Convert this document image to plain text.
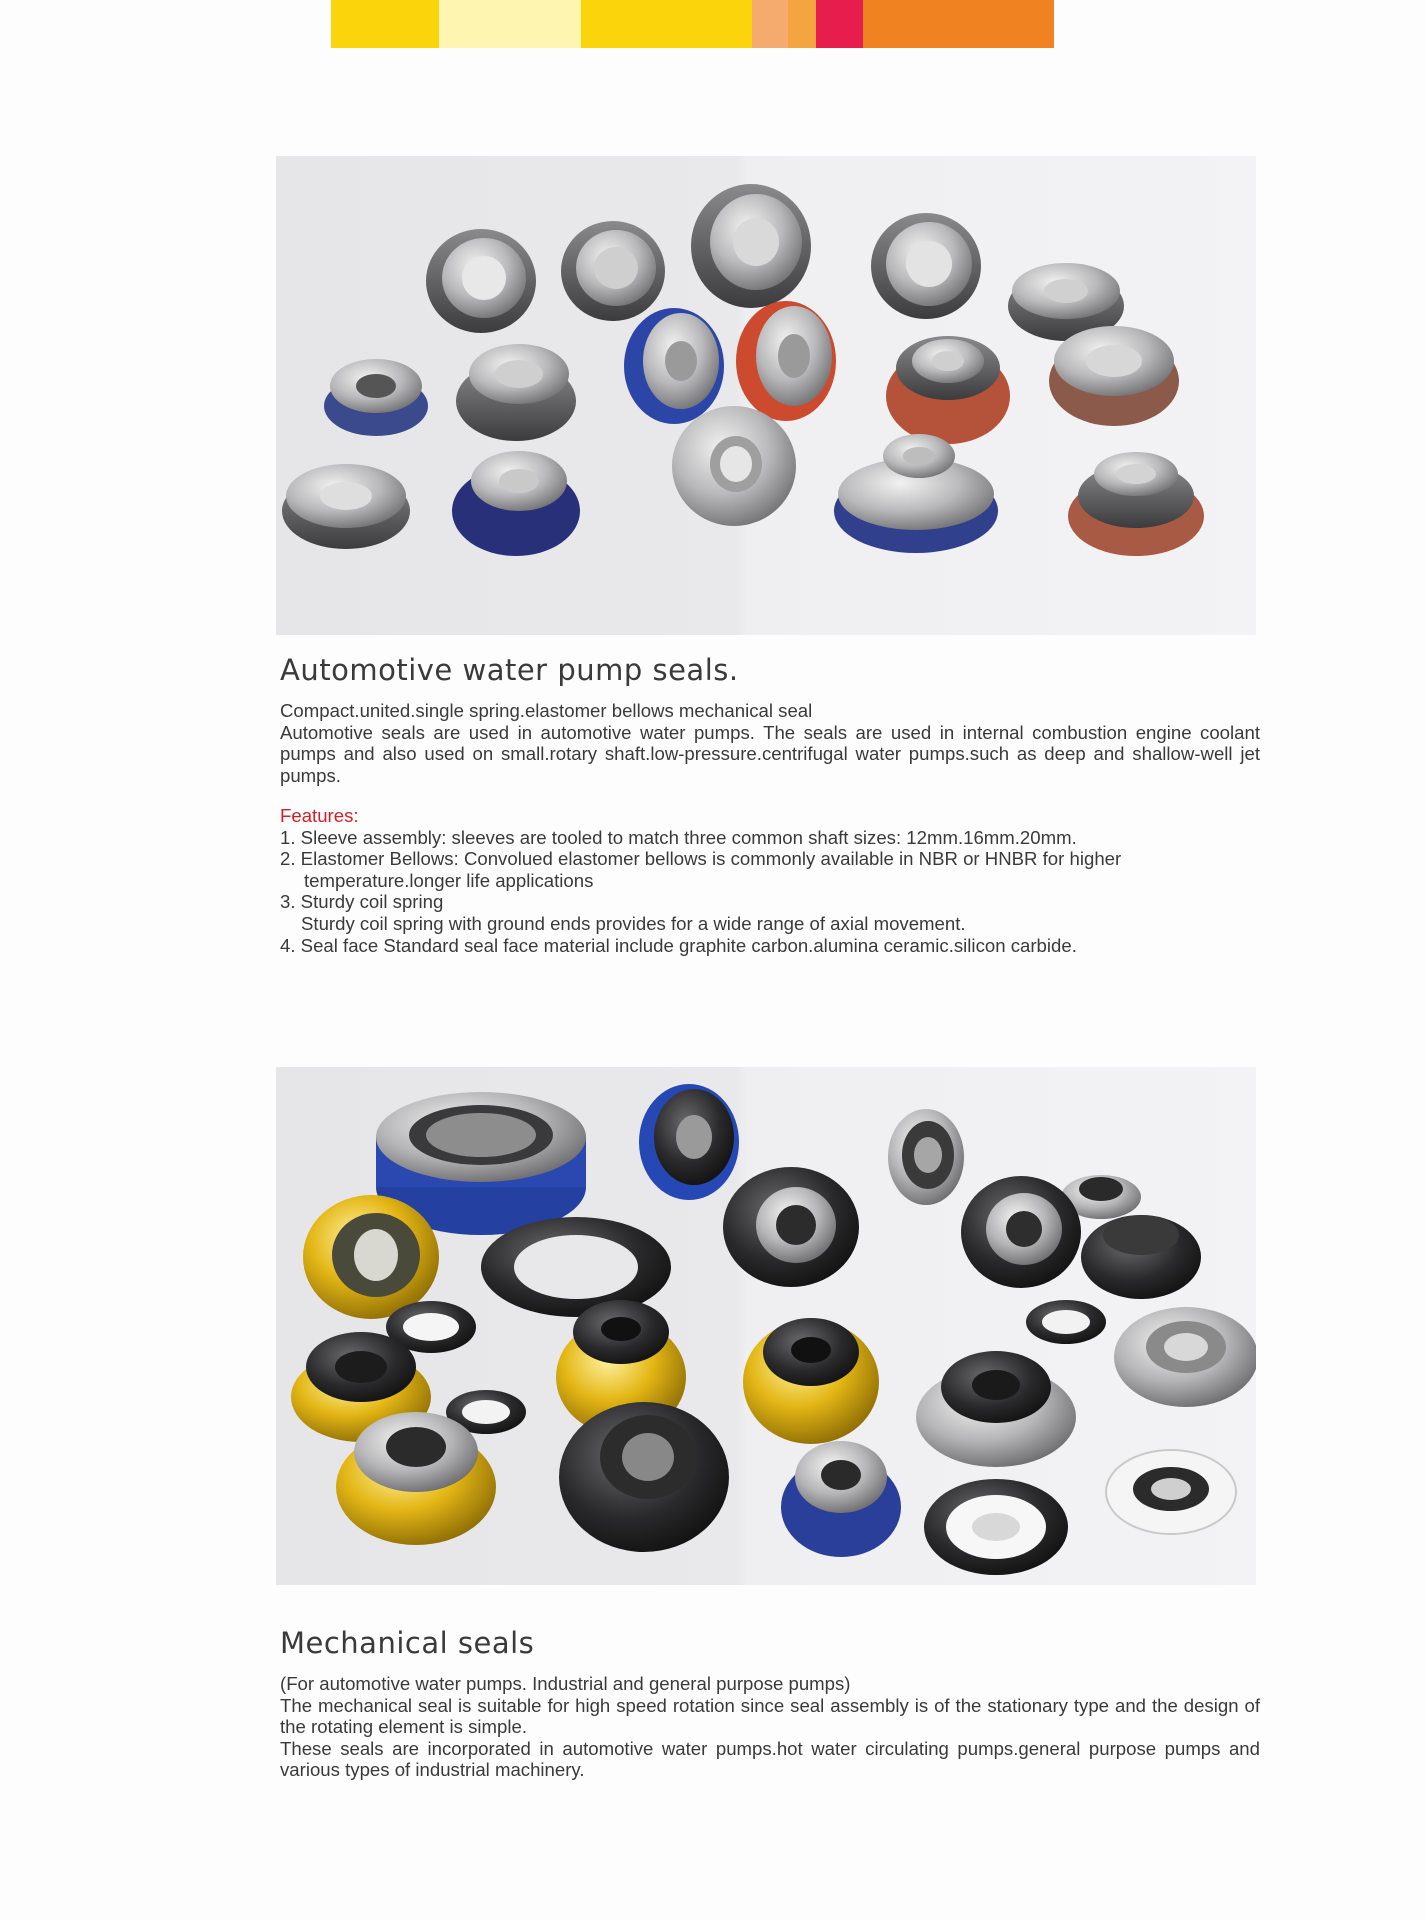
Automotive water pump seals.

Compact.united.single spring.elastomer bellows mechanical seal

Automotive seals are used in automotive water pumps. The seals are used in internal combustion engine coolant pumps and also used on small.rotary shaft.low-pressure.centrifugal water pumps.such as deep and shallow-well jet pumps.

Features:

1. Sleeve assembly: sleeves are tooled to match three common shaft sizes: 12mm.16mm.20mm.

2. Elastomer Bellows: Convolued elastomer bellows is commonly available in NBR or HNBR for higher

temperature.longer life applications

3. Sturdy coil spring

Sturdy coil spring with ground ends provides for a wide range of axial movement.

4. Seal face Standard seal face material include graphite carbon.alumina ceramic.silicon carbide.

Mechanical seals

(For automotive water pumps. Industrial and general purpose pumps)

The mechanical seal is suitable for high speed rotation since seal assembly is of the stationary type and the design of the rotating element is simple.

These seals are incorporated in automotive water pumps.hot water circulating pumps.general purpose pumps and various types of industrial machinery.
